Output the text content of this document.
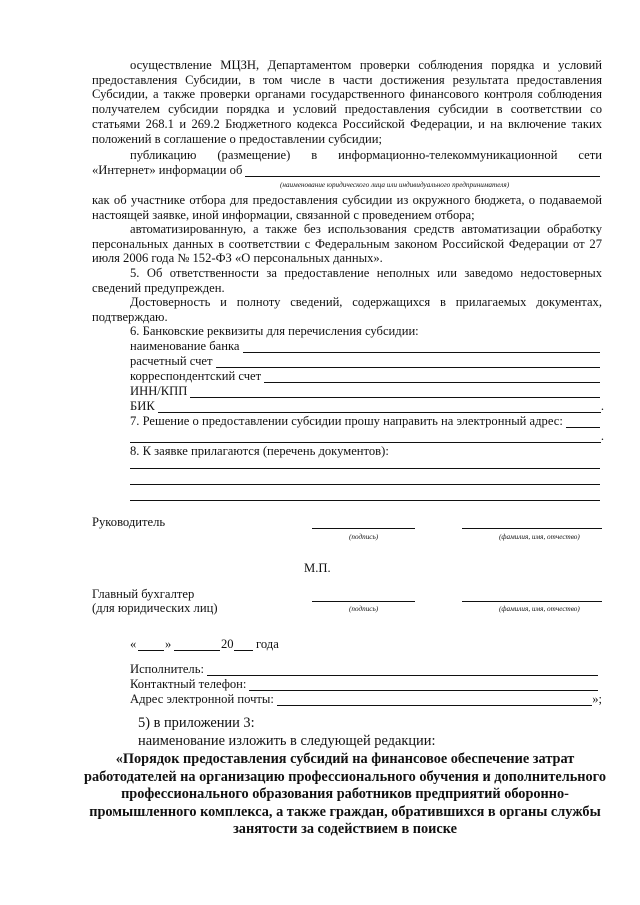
осуществление МЦЗН, Департаментом проверки соблюдения порядка и условий предоставления Субсидии, в том числе в части достижения результата предоставления Субсидии, а также проверки органами государственного финансового контроля соблюдения получателем субсидии порядка и условий предоставления субсидии в соответствии со статьями 268.1 и 269.2 Бюджетного кодекса Российской Федерации, и на включение таких положений в соглашение о предоставлении субсидии;

публикацию (размещение) в информационно-телекоммуникационной сети

«Интернет» информации об
(наименование юридического лица или индивидуального предпринимателя)

как об участнике отбора для предоставления субсидии из окружного бюджета, о подаваемой настоящей заявке, иной информации, связанной с проведением отбора;

автоматизированную, а также без использования средств автоматизации обработку персональных данных в соответствии с Федеральным законом Российской Федерации от 27 июля 2006 года № 152-ФЗ «О персональных данных».

5. Об ответственности за предоставление неполных или заведомо недостоверных сведений предупрежден.

Достоверность и полноту сведений, содержащихся в прилагаемых документах, подтверждаю.

6. Банковские реквизиты для перечисления субсидии:
наименование банка
расчетный счет
корреспондентский счет
ИНН/КПП
БИК	.
7. Решение о предоставлении субсидии прошу направить на электронный адрес:
.
8. К заявке прилагаются (перечень документов):
Руководитель
(подпись)	(фамилия, имя, отчество)
М.П.
Главный бухгалтер
(для юридических лиц)	(подпись)	(фамилия, имя, отчество)
« »	20 года
Исполнитель:
Контактный телефон:
Адрес электронной почты:	»;
5) в приложении 3:
наименование изложить в следующей редакции:

«Порядок предоставления субсидий на финансовое обеспечение затрат работодателей на организацию профессионального обучения и дополнительного профессионального образования работников предприятий оборонно-промышленного комплекса, а также граждан, обратившихся в органы службы занятости за содействием в поиске
